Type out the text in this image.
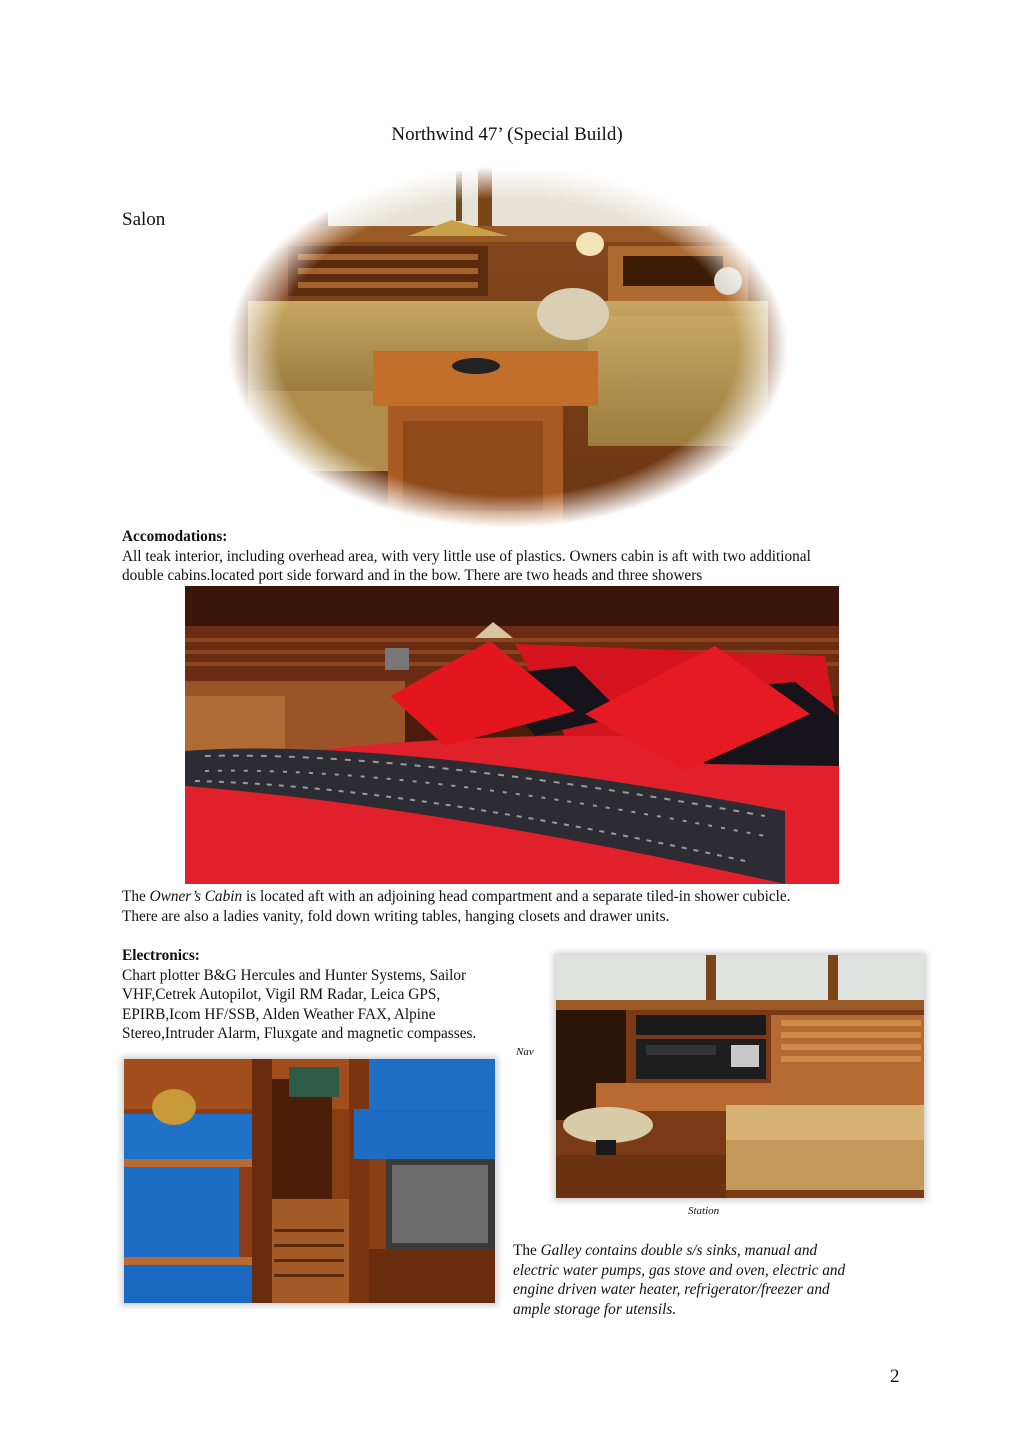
Northwind 47’ (Special Build)
Salon
Accomodations:
All teak interior, including overhead area, with very little use of plastics. Owners cabin is aft with two additional
double cabins.located port side forward and in the bow. There are two heads and three showers
The Owner’s Cabin is located aft with an adjoining head compartment and a separate tiled-in shower cubicle.
There are also a ladies vanity, fold down writing tables, hanging closets and drawer units.
Electronics:
Chart plotter B&G Hercules and Hunter Systems, Sailor
VHF,Cetrek Autopilot, Vigil RM Radar, Leica GPS,
EPIRB,Icom HF/SSB, Alden Weather FAX, Alpine
Stereo,Intruder Alarm, Fluxgate and magnetic compasses.
Nav
Station
The Galley contains double s/s sinks, manual and
electric water pumps, gas stove and oven, electric and
engine driven water heater, refrigerator/freezer and
ample storage for utensils.
2
